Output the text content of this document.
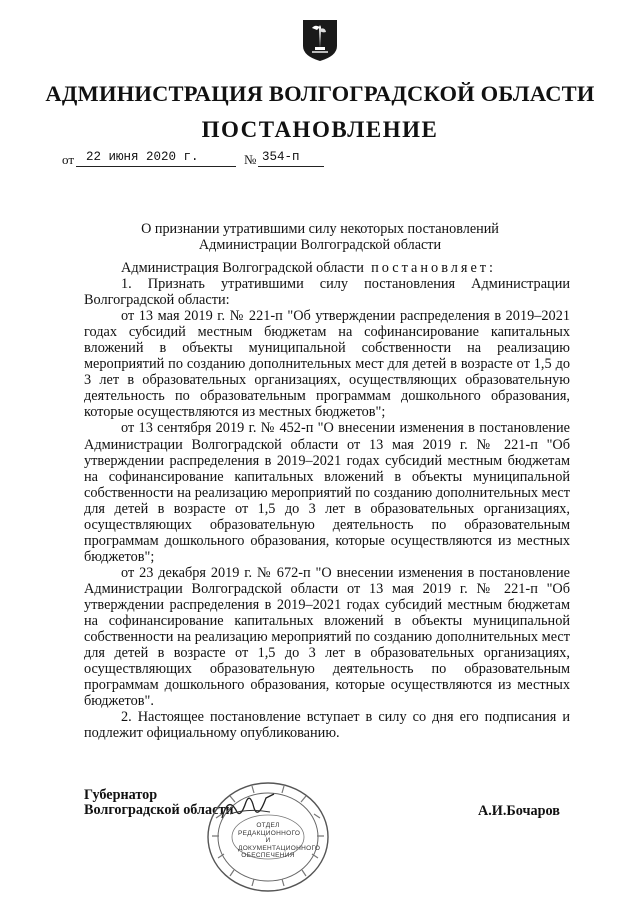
АДМИНИСТРАЦИЯ ВОЛГОГРАДСКОЙ ОБЛАСТИ
ПОСТАНОВЛЕНИЕ
от 22 июня 2020 г.	№ 354-п
О признании утратившими силу некоторых постановлений
Администрации Волгоградской области

Администрация Волгоградской области постановляет:

1. Признать утратившими силу постановления Администрации Волгоградской области:

от 13 мая 2019 г. № 221-п "Об утверждении распределения в 2019–2021 годах субсидий местным бюджетам на софинансирование капитальных вложений в объекты муниципальной собственности на реализацию мероприятий по созданию дополнительных мест для детей в возрасте от 1,5 до 3 лет в образовательных организациях, осуществляющих образовательную деятельность по образовательным программам дошкольного образования, которые осуществляются из местных бюджетов";

от 13 сентября 2019 г. № 452-п "О внесении изменения в постановление Администрации Волгоградской области от 13 мая 2019 г. № 221-п "Об утверждении распределения в 2019–2021 годах субсидий местным бюджетам на софинансирование капитальных вложений в объекты муниципальной собственности на реализацию мероприятий по созданию дополнительных мест для детей в возрасте от 1,5 до 3 лет в образовательных организациях, осуществляющих образовательную деятельность по образовательным программам дошкольного образования, которые осуществляются из местных бюджетов";

от 23 декабря 2019 г. № 672-п "О внесении изменения в постановление Администрации Волгоградской области от 13 мая 2019 г. № 221-п "Об утверждении распределения в 2019–2021 годах субсидий местным бюджетам на софинансирование капитальных вложений в объекты муниципальной собственности на реализацию мероприятий по созданию дополнительных мест для детей в возрасте от 1,5 до 3 лет в образовательных организациях, осуществляющих образовательную деятельность по образовательным программам дошкольного образования, которые осуществляются из местных бюджетов".

2. Настоящее постановление вступает в силу со дня его подписания и подлежит официальному опубликованию.

Губернатор
Волгоградской области
ОТДЕЛ
РЕДАКЦИОННОГО И
ДОКУМЕНТАЦИОННОГО
ОБЕСПЕЧЕНИЯ
А.И.Бочаров
